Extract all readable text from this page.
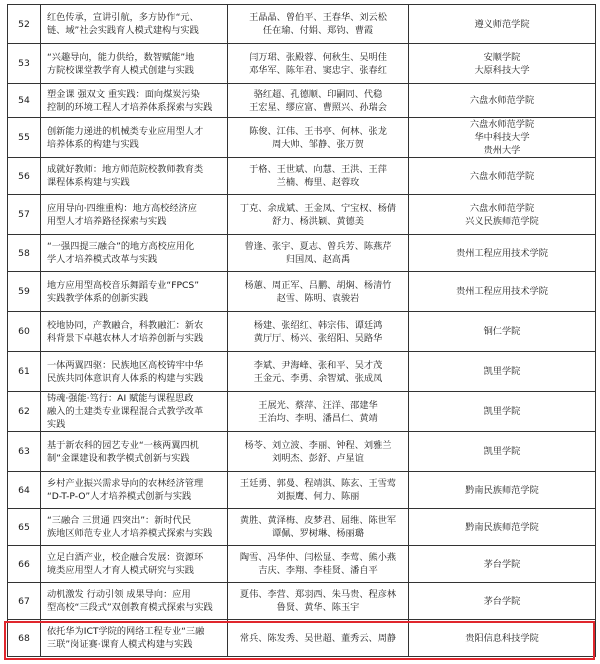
52
红色传承，宣讲引航，多方协作“元、
链、域”社会实践育人模式建构与实践
王晶晶、曾伯平、王春华、刘云松
任在瑜、付娟、郑钧、曹霞
遵义师范学院
53
“兴趣导向，能力供给，数智赋能”地
方院校课堂教学育人模式创建与实践
闫万珺、张殿蓉、何秋生、吴明佳
邓华军、陈年君、窦忠宇、张春红
安顺学院
大原科技大学
54
塑金课 强双文 重实践：面向煤炭污染
控制的环境工程人才培养体系探索与实践
骆红超、孔德顺、印嗣同、代稳
王宏星、缪应富、曹照兴、孙瑞会
六盘水师范学院
55
创新能力递进的机械类专业应用型人才
培养体系的构建与实践
陈俊、江伟、王书亭、何林、张龙
周大帅、邹静、张万贺
六盘水师范学院
华中科技大学
贵州大学
56
成就好教师：地方师范院校教师教育类
课程体系构建与实践
于格、王世斌、向慧、王洪、王萍
兰楠、梅里、赵蓉玫
六盘水师范学院
57
应用导向·四维重构：地方高校经济应
用型人才培养路径探索与实践
丁克、余成斌、王金凤、宁宝权、杨倩
舒力、杨洪颖、黄德美
六盘水师范学院
兴义民族师范学院
58
“一强四提三融合”的地方高校应用化
学人才培养模式改革与实践
曾逢、张宇、夏志、曾兵芳、陈燕芹
归国凤、赵高禹
贵州工程应用技术学院
59
地方应用型高校音乐舞蹈专业“FPCS”
实践教学体系的创新实践
杨蕙、周正军、吕鹏、胡焖、杨清竹
赵雪、陈明、袁骏岩
贵州工程应用技术学院
60
校地协同，产教融合，科教融汇：新农
科背景下卓越农林人才培养创新与实践
杨建、张绍红、韩宗伟、谭廷鸿
黄厅厅、杨兴、张绍阳、吴路华
铜仁学院
61
一体两翼四驱：民族地区高校铸牢中华
民族共同体意识育人体系的构建与实践
李斌、尹海峰、张和平、吴才茂
王金元、李勇、余智斌、张成凤
凯里学院
62
铸魂·强能·笃行：AI 赋能与课程思政
融入的土建类专业课程混合式教学改革
实践
王展光、蔡萍、汪洋、邵建华
王治均、李明、潘昌仁、黄靖
凯里学院
63
基于新农科的园艺专业“一核两翼四机
制”金课建设和教学模式创新与实践
杨苓、刘立波、李丽、钟程、刘雅兰
刘明杰、彭舒、卢星谊
凯里学院
64
乡村产业振兴需求导向的农林经济管理
“D-T-P-O”人才培养模式创新与实践
王廷勇、郭曼、程靖淇、陈玄、王雪莺
刘振鹰、何力、陈丽
黔南民族师范学院
65
“三融合 三贯通 四突出”：新时代民
族地区师范专业人才培养模式探索与实践
黄胜、黄泽梅、皮梦君、屈维、陈世军
谭佩、罗树琳、杨丽璐
黔南民族师范学院
66
立足白酒产业，校企融合发展：资源环
境类应用型人才育人模式研究与实践
陶雪、冯华仲、闫松显、李莺、熊小燕
吉庆、李翔、李桂贤、潘自平
茅台学院
67
动机激发 行动引领 成果导向：应用
型高校“三段式”双创教育模式探索与实践
夏伟、李营、郑羽西、朱马贵、程彦林
鲁贤、黄华、陈玉宇
茅台学院
68
依托华为ICT学院的网络工程专业“三融
三联”岗证赛·课育人模式构建与实践
常兵、陈发秀、吴世超、董秀云、周静	贵阳信息科技学院
